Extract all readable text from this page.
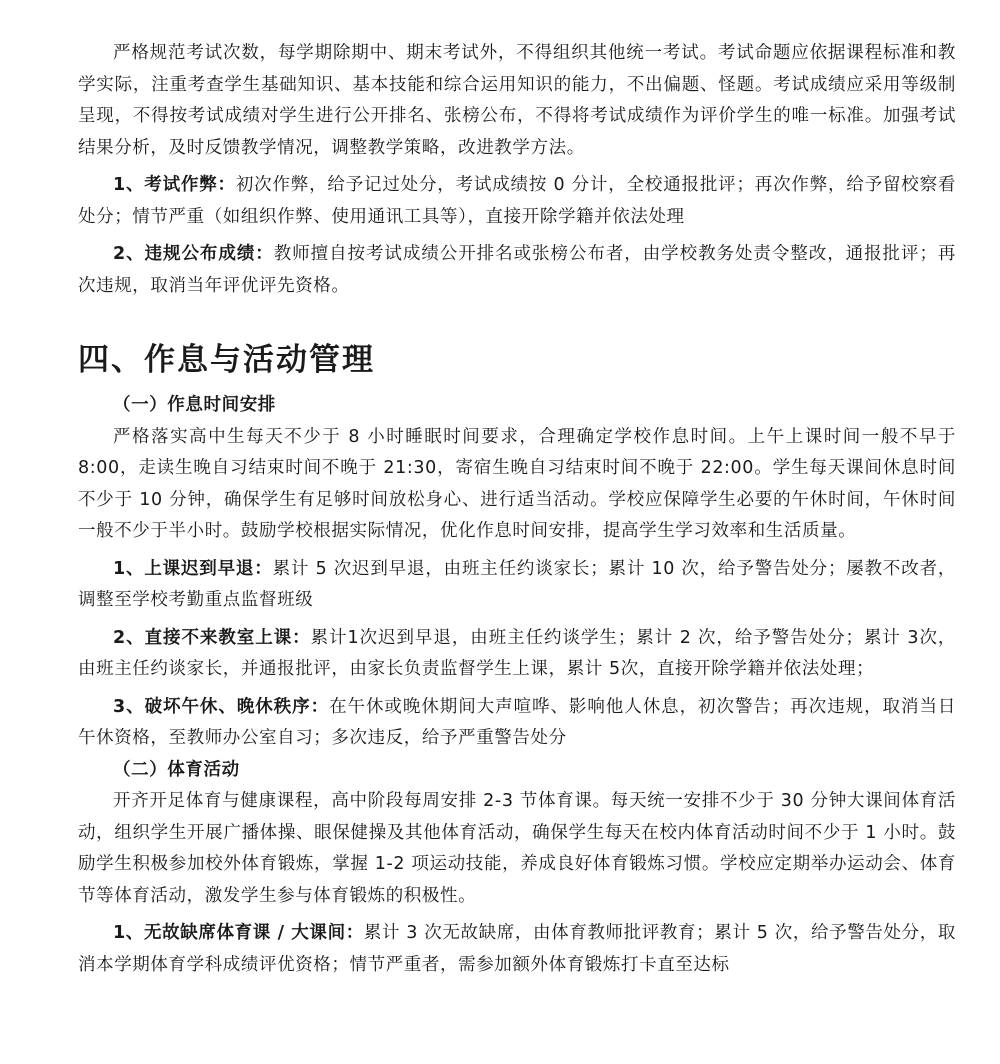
严格规范考试次数，每学期除期中、期末考试外，不得组织其他统一考试。考试命题应依据课程标准和教学实际，注重考查学生基础知识、基本技能和综合运用知识的能力，不出偏题、怪题。考试成绩应采用等级制呈现，不得按考试成绩对学生进行公开排名、张榜公布，不得将考试成绩作为评价学生的唯一标准。加强考试结果分析，及时反馈教学情况，调整教学策略，改进教学方法。

1、考试作弊：初次作弊，给予记过处分，考试成绩按 0 分计，全校通报批评；再次作弊，给予留校察看处分；情节严重（如组织作弊、使用通讯工具等），直接开除学籍并依法处理

2、违规公布成绩：教师擅自按考试成绩公开排名或张榜公布者，由学校教务处责令整改，通报批评；再次违规，取消当年评优评先资格。

四、作息与活动管理
（一）作息时间安排

严格落实高中生每天不少于 8 小时睡眠时间要求，合理确定学校作息时间。上午上课时间一般不早于 8:00，走读生晚自习结束时间不晚于 21:30，寄宿生晚自习结束时间不晚于 22:00。学生每天课间休息时间不少于 10 分钟，确保学生有足够时间放松身心、进行适当活动。学校应保障学生必要的午休时间，午休时间一般不少于半小时。鼓励学校根据实际情况，优化作息时间安排，提高学生学习效率和生活质量。

1、上课迟到早退：累计 5 次迟到早退，由班主任约谈家长；累计 10 次，给予警告处分；屡教不改者，调整至学校考勤重点监督班级

2、直接不来教室上课：累计1次迟到早退，由班主任约谈学生；累计 2 次，给予警告处分；累计 3次，由班主任约谈家长，并通报批评，由家长负责监督学生上课，累计 5次，直接开除学籍并依法处理；

3、破坏午休、晚休秩序：在午休或晚休期间大声喧哗、影响他人休息，初次警告；再次违规，取消当日午休资格，至教师办公室自习；多次违反，给予严重警告处分

（二）体育活动

开齐开足体育与健康课程，高中阶段每周安排 2-3 节体育课。每天统一安排不少于 30 分钟大课间体育活动，组织学生开展广播体操、眼保健操及其他体育活动，确保学生每天在校内体育活动时间不少于 1 小时。鼓励学生积极参加校外体育锻炼，掌握 1-2 项运动技能，养成良好体育锻炼习惯。学校应定期举办运动会、体育节等体育活动，激发学生参与体育锻炼的积极性。

1、无故缺席体育课 / 大课间：累计 3 次无故缺席，由体育教师批评教育；累计 5 次，给予警告处分，取消本学期体育学科成绩评优资格；情节严重者，需参加额外体育锻炼打卡直至达标
